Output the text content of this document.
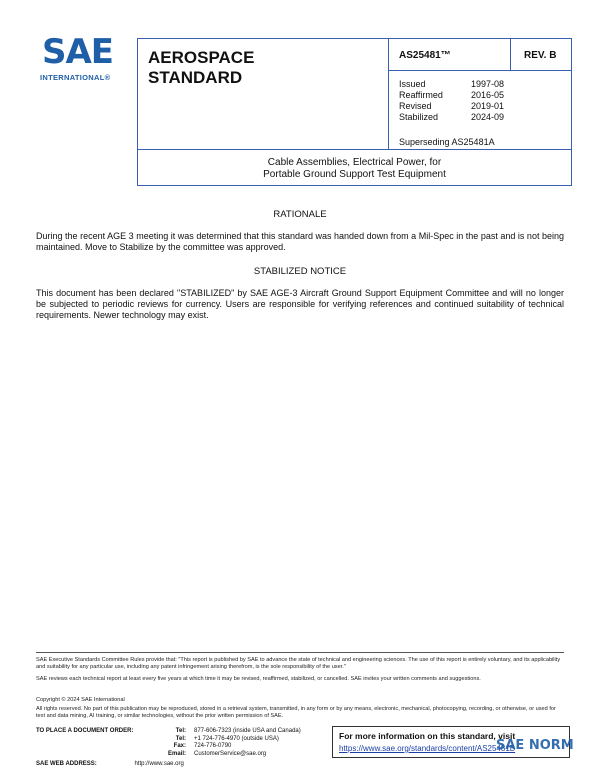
SAE
INTERNATIONAL®
AEROSPACE
STANDARD
AS25481™	REV. B
Issued	1997-08
Reaffirmed	2016-05
Revised	2019-01
Stabilized	2024-09
Superseding AS25481A
Cable Assemblies, Electrical Power, for
Portable Ground Support Test Equipment
RATIONALE
During the recent AGE 3 meeting it was determined that this standard was handed down from a Mil-Spec in the past and is not being maintained. Move to Stabilize by the committee was approved.
STABILIZED NOTICE
This document has been declared "STABILIZED" by SAE AGE-3 Aircraft Ground Support Equipment Committee and will no longer be subjected to periodic reviews for currency. Users are responsible for verifying references and continued suitability of technical requirements. Newer technology may exist.
SAE Executive Standards Committee Rules provide that: "This report is published by SAE to advance the state of technical and engineering sciences. The use of this report is entirely voluntary, and its applicability and suitability for any particular use, including any patent infringement arising therefrom, is the sole responsibility of the user."
SAE reviews each technical report at least every five years at which time it may be revised, reaffirmed, stabilized, or cancelled. SAE invites your written comments and suggestions.
Copyright © 2024 SAE International
All rights reserved. No part of this publication may be reproduced, stored in a retrieval system, transmitted, in any form or by any means, electronic, mechanical, photocopying, recording, or otherwise, or used for text and data mining, AI training, or similar technologies, without the prior written permission of SAE.
TO PLACE A DOCUMENT ORDER:	Tel: 877-606-7323 (inside USA and Canada)
Tel: +1 724-776-4970 (outside USA)
Fax: 724-776-0790
Email: CustomerService@sae.org
SAE WEB ADDRESS:	http://www.sae.org
For more information on this standard, visit
https://www.sae.org/standards/content/AS25481B
SAE NORM
